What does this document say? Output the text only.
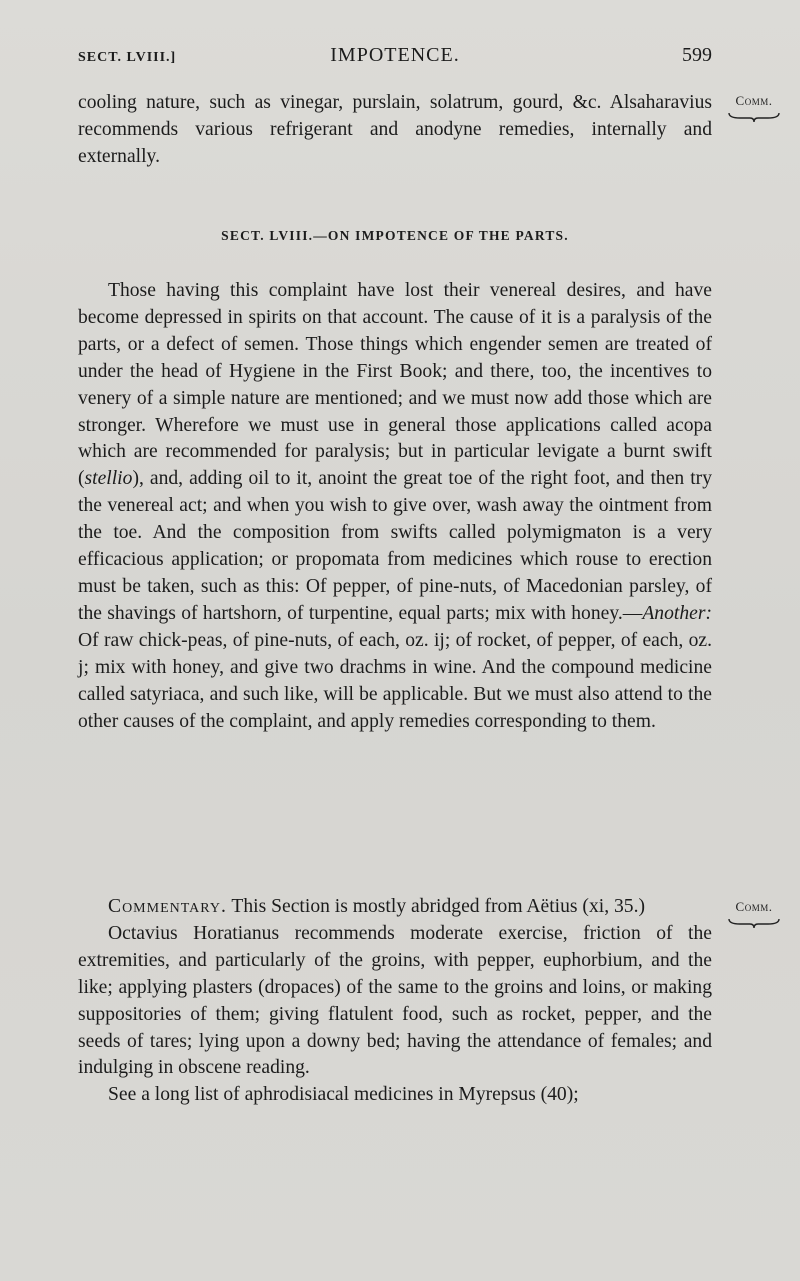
SECT. LVIII.]	IMPOTENCE.	599
Comm.

cooling nature, such as vinegar, purslain, solatrum, gourd, &c. Alsaharavius recommends various refrigerant and anodyne remedies, internally and externally.

SECT. LVIII.—ON IMPOTENCE OF THE PARTS.

Those having this complaint have lost their venereal desires, and have become depressed in spirits on that account. The cause of it is a paralysis of the parts, or a defect of semen. Those things which engender semen are treated of under the head of Hygiene in the First Book; and there, too, the incentives to venery of a simple nature are mentioned; and we must now add those which are stronger. Wherefore we must use in general those applications called acopa which are recommended for paralysis; but in particular levigate a burnt swift (stellio), and, adding oil to it, anoint the great toe of the right foot, and then try the venereal act; and when you wish to give over, wash away the ointment from the toe. And the composition from swifts called polymigmaton is a very efficacious application; or propomata from medicines which rouse to erection must be taken, such as this: Of pepper, of pine-nuts, of Macedonian parsley, of the shavings of hartshorn, of turpentine, equal parts; mix with honey.—Another: Of raw chick-peas, of pine-nuts, of each, oz. ij; of rocket, of pepper, of each, oz. j; mix with honey, and give two drachms in wine. And the compound medicine called satyriaca, and such like, will be applicable. But we must also attend to the other causes of the complaint, and apply remedies corresponding to them.

Comm.

Commentary. This Section is mostly abridged from Aëtius (xi, 35.)

Octavius Horatianus recommends moderate exercise, friction of the extremities, and particularly of the groins, with pepper, euphorbium, and the like; applying plasters (dropaces) of the same to the groins and loins, or making suppositories of them; giving flatulent food, such as rocket, pepper, and the seeds of tares; lying upon a downy bed; having the attendance of females; and indulging in obscene reading.

See a long list of aphrodisiacal medicines in Myrepsus (40);
